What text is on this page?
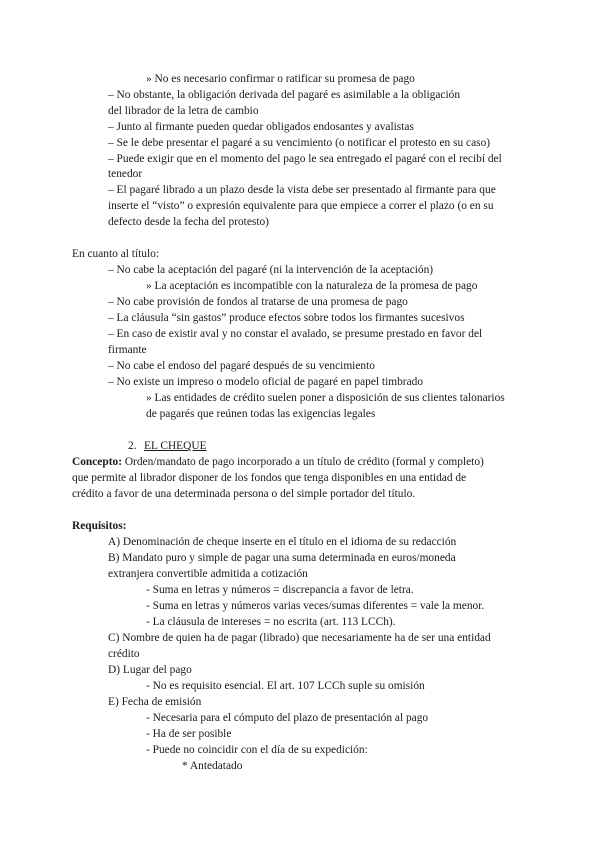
» No es necesario confirmar o ratificar su promesa de pago
– No obstante, la obligación derivada del pagaré es asimilable a la obligación
del librador de la letra de cambio
– Junto al firmante pueden quedar obligados endosantes y avalistas
– Se le debe presentar el pagaré a su vencimiento (o notificar el protesto en su caso)
– Puede exigir que en el momento del pago le sea entregado el pagaré con el recibí del
tenedor
– El pagaré librado a un plazo desde la vista debe ser presentado al firmante para que
inserte el “visto” o expresión equivalente para que empiece a correr el plazo (o en su
defecto desde la fecha del protesto)
En cuanto al título:
– No cabe la aceptación del pagaré (ni la intervención de la aceptación)
» La aceptación es incompatible con la naturaleza de la promesa de pago
– No cabe provisión de fondos al tratarse de una promesa de pago
– La cláusula “sin gastos” produce efectos sobre todos los firmantes sucesivos
– En caso de existir aval y no constar el avalado, se presume prestado en favor del
firmante
– No cabe el endoso del pagaré después de su vencimiento
– No existe un impreso o modelo oficial de pagaré en papel timbrado
» Las entidades de crédito suelen poner a disposición de sus clientes talonarios
de pagarés que reúnen todas las exigencias legales
2. EL CHEQUE
Concepto: Orden/mandato de pago incorporado a un título de crédito (formal y completo)
que permite al librador disponer de los fondos que tenga disponibles en una entidad de
crédito a favor de una determinada persona o del simple portador del título.
Requisitos:
A) Denominación de cheque inserte en el título en el idioma de su redacción
B) Mandato puro y simple de pagar una suma determinada en euros/moneda
extranjera convertible admitida a cotización
- Suma en letras y números = discrepancia a favor de letra.
- Suma en letras y números varias veces/sumas diferentes = vale la menor.
- La cláusula de intereses = no escrita (art. 113 LCCh).
C) Nombre de quien ha de pagar (librado) que necesariamente ha de ser una entidad
crédito
D) Lugar del pago
- No es requisito esencial. El art. 107 LCCh suple su omisión
E) Fecha de emisión
- Necesaria para el cómputo del plazo de presentación al pago
- Ha de ser posible
- Puede no coincidir con el día de su expedición:
* Antedatado
